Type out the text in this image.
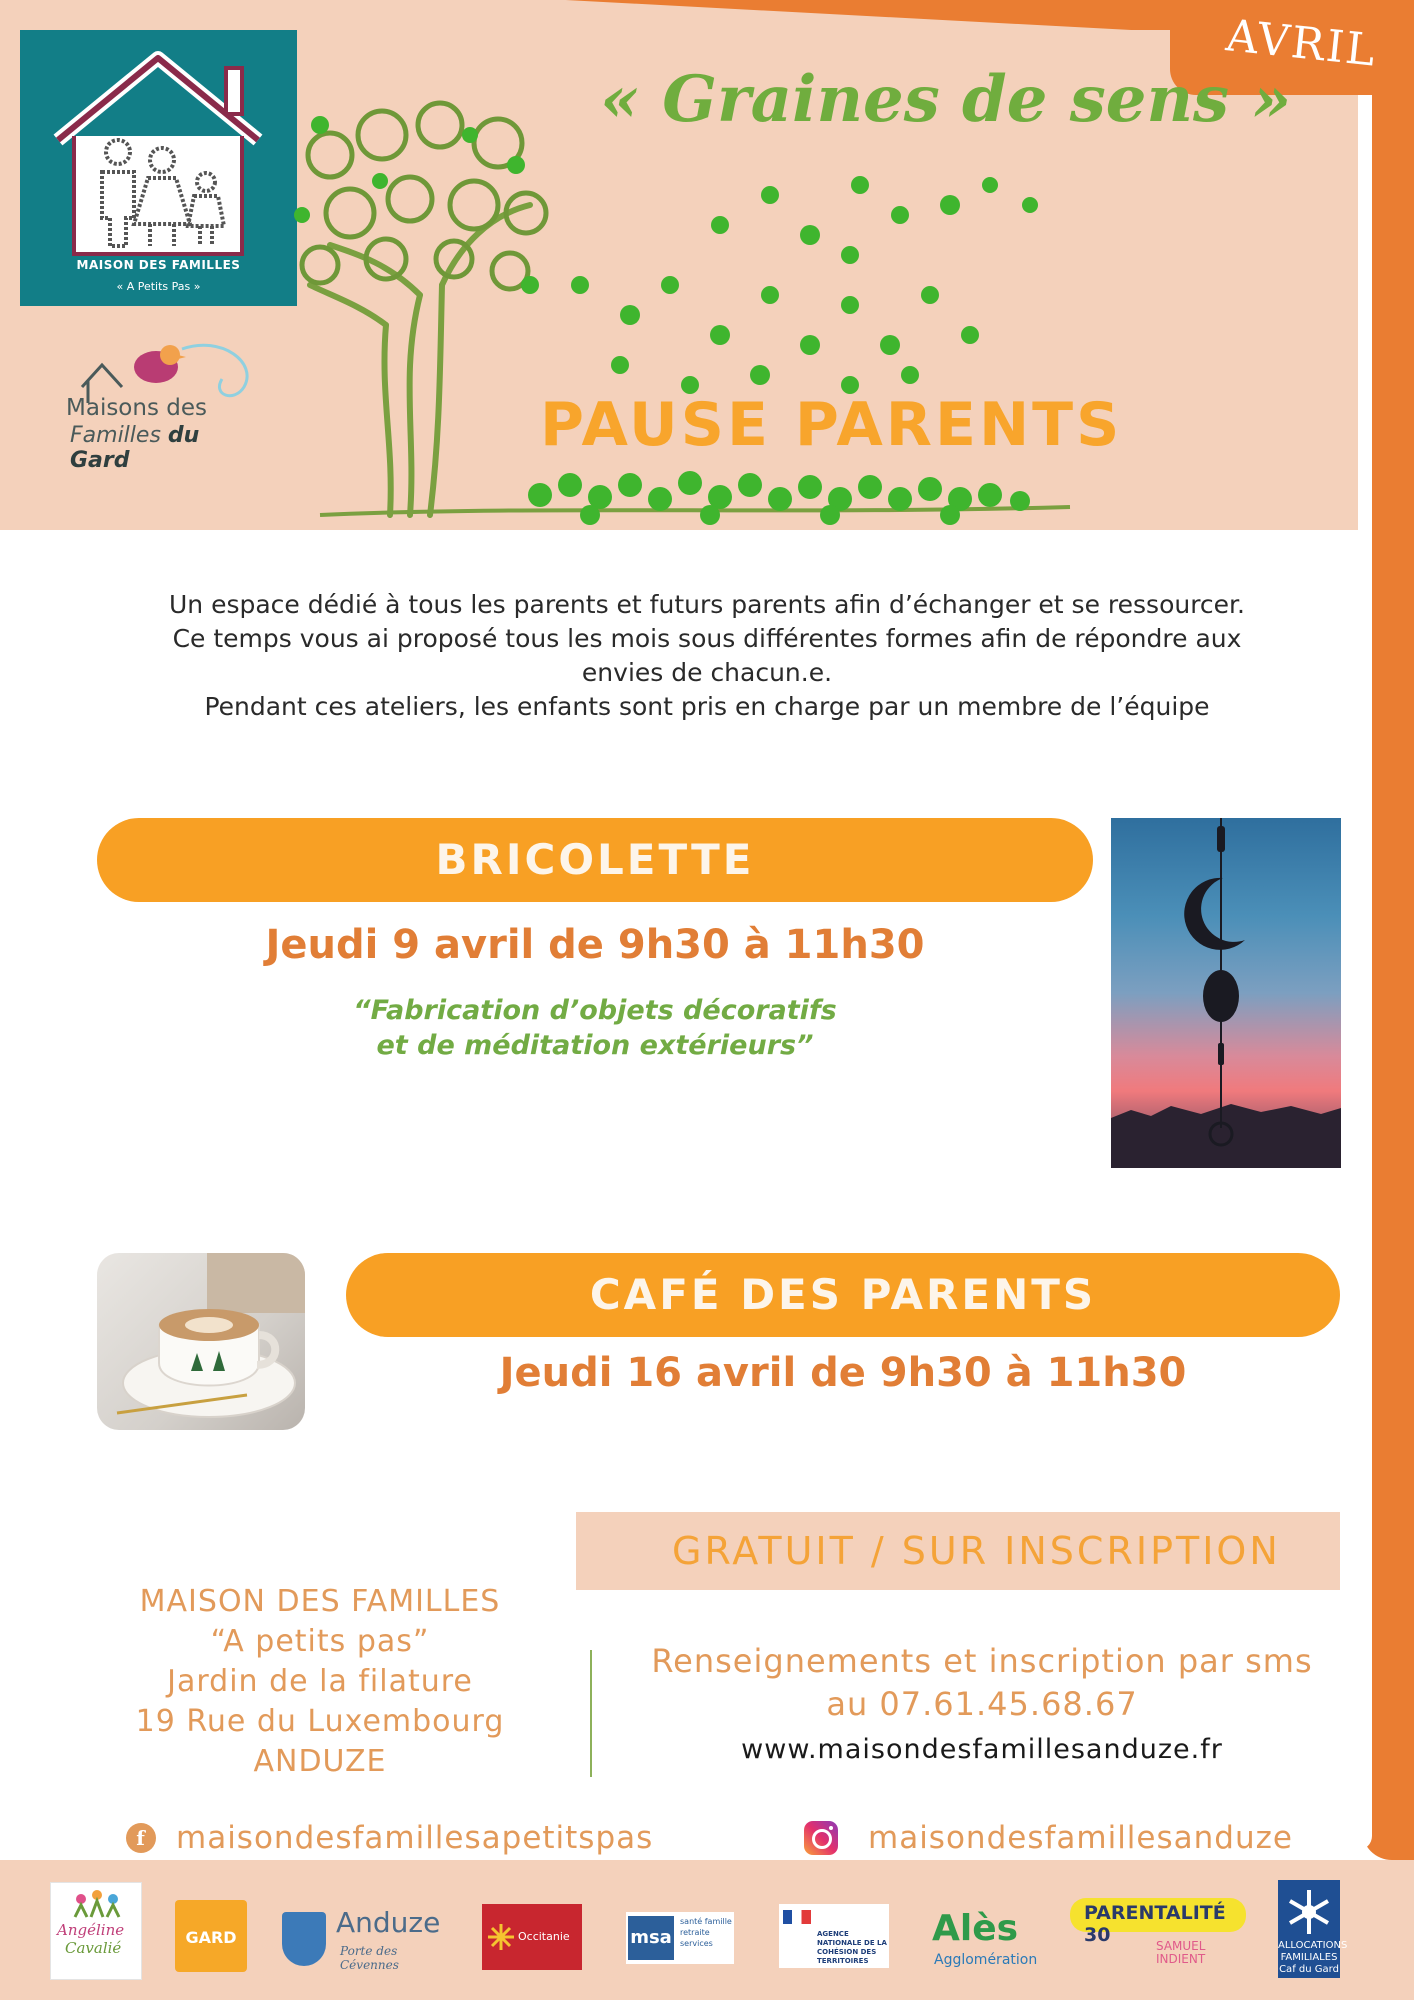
AVRIL
MAISON DES FAMILLES
« A Petits Pas »
Maisons des
Familles du Gard
« Graines de sens »
PAUSE PARENTS
Un espace dédié à tous les parents et futurs parents afin d’échanger et se ressourcer.
Ce temps vous ai proposé tous les mois sous différentes formes afin de répondre aux
envies de chacun.e.
Pendant ces ateliers, les enfants sont pris en charge par un membre de l’équipe
BRICOLETTE
Jeudi 9 avril de 9h30 à 11h30
“Fabrication d’objets décoratifs
et de méditation extérieurs”
CAFÉ DES PARENTS
Jeudi 16 avril de 9h30 à 11h30
GRATUIT / SUR INSCRIPTION
MAISON DES FAMILLES
“A petits pas”
Jardin de la filature
19 Rue du Luxembourg
ANDUZE
Renseignements et inscription par sms
au 07.61.45.68.67
www.maisondesfamillesanduze.fr
f maisondesfamillesapetitspas	maisondesfamillesanduze
Angéline
Cavalié
GARD	Anduze
Porte des Cévennes
Occitanie	msa
santé famille retraite services
AGENCE NATIONALE DE LA COHÉSION DES TERRITOIRES
Alès
Agglomération
PARENTALITÉ 30	SAMUEL INDIENT
ALLOCATIONS FAMILIALES Caf du Gard
